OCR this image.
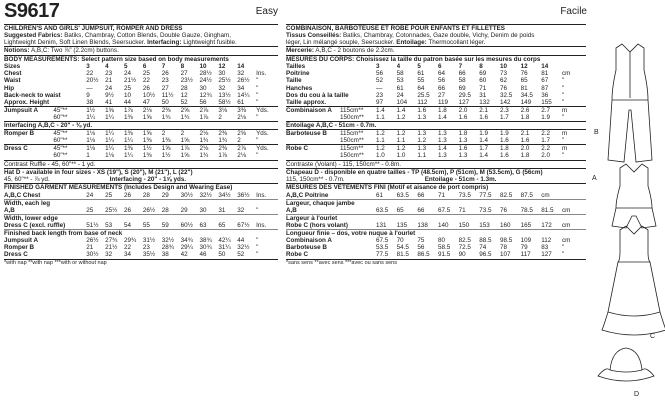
S9617	Easy
CHILDREN'S AND GIRLS' JUMPSUIT, ROMPER AND DRESS
Suggested Fabrics: Batiks, Chambray, Cotton Blends, Double Gauze, Gingham,
Lightweight Denim, Soft Linen Blends, Seersucker. Interfacing: Lightweight fusible.
Notions: A,B,C: Two ⅞" (2.2cm) buttons.
BODY MEASUREMENTS: Select pattern size based on body measurements
Sizes	3	4	5	6	7	8	10	12	14	
Chest	22	23	24	25	26	27	28½	30	32	Ins.
Waist	20½	21	21½	22	23	23½	24½	25½	26½	"
Hip	—	24	25	26	27	28	30	32	34	"
Back-neck to waist	9	9½	10	10½	11½	12	12¾	13½	14¼	"
Approx. Height	38	41	44	47	50	52	56	58½	61	"
Jumpsuit A	45"**	1½	1⅝	1⅞	2⅛	2⅜	2⅝	2⅞	3⅛	3⅜	Yds.
	60"**	1¼	1¼	1⅜	1⅝	1¾	1¾	1⅞	2	2⅛	"
Interfacing A,B,C - 20" - ⅜ yd.											
Romper B	45"**	1⅛	1¼	1⅜	1⅝	2	2	2⅛	2⅜	2⅝	Yds.
	60"**	1⅛	1¼	1¼	1⅜	1⅜	1⅝	1¾	1¾	2	"
Dress C	45"**	1⅛	1¼	1⅜	1½	1⅝	1⅞	2⅛	2⅜	2⅞	Yds.
	60"**	1	1⅛	1¼	1⅜	1½	1⅝	1¾	1⅞	2⅛	"
Contrast Ruffle - 45, 60"** - 1 yd.
Hat D - available in four sizes - XS (19"), S (20"), M (21"), L (22")
45, 60"** - ⅞ yd.	Interfacing - 20" - 1⅝ yds.
FINISHED GARMENT MEASUREMENTS (Includes Design and Wearing Ease)
A,B,C Chest	24	25	26	28	29	30½	32½	34½	36½	Ins.
Width, each leg										
A,B	25	25½	26	26½	28	29	30	31	32	"
Width, lower edge										
Dress C (excl. ruffle)	51½	53	54	55	59	60½	63	65	67½	Ins.
Finished back length from base of neck										
Jumpsuit A	26½	27¾	29¾	31½	32½	34¾	38¾	42¼	44	"
Romper B	21	21½	22	23	28¾	29¼	30¾	31¼	32½	"
Dress C	30½	32	34	35½	38	42	46	50	52	"
*with nap **with nap ***with or without nap
Facile
COMBINAISON, BARBOTEUSE ET ROBE POUR ENFANTS ET FILLETTES
Tissus Conseillés: Batiks, Chambray, Cotonnades, Gaze double, Vichy, Denim de poids
léger, Lin mélangé souple, Seersucker. Entoilage: Thermocollant léger.
Mercerie: A,B,C - 2 boutons de 2.2cm.
MESURES DU CORPS: Choisissez la taille du patron basée sur les mesures du corps
Tailles	3	4	5	6	7	8	10	12	14	
Poitrine	56	58	61	64	66	69	73	76	81	cm
Taille	52	53	55	56	58	60	62	65	67	"
Hanches	—	61	64	66	69	71	76	81	87	"
Dos du cou à la taille	23	24	25.5	27	29.5	31	32.5	34.5	36	"
Taille approx.	97	104	112	119	127	132	142	149	155	"
Combinaison A	115cm**	1.4	1.4	1.6	1.8	2.0	2.1	2.3	2.6	2.7	m
	150cm**	1.1	1.2	1.3	1.4	1.6	1.6	1.7	1.8	1.9	"
Entoilage A,B,C - 51cm - 0.7m.											
Barboteuse B	115cm**	1.2	1.2	1.3	1.3	1.8	1.9	1.9	2.1	2.2	m
	150cm**	1.1	1.1	1.2	1.3	1.3	1.4	1.6	1.6	1.7	"
Robe C	115cm**	1.2	1.2	1.3	1.4	1.6	1.7	1.8	2.0	2.2	m
	150cm**	1.0	1.0	1.1	1.3	1.3	1.4	1.6	1.8	2.0	"
Contraste (Volant) - 115, 150cm** - 0.8m.
Chapeau D - disponible en quatre tailles - TP (48.5cm), P (51cm), M (53.5cm), G (56cm)
115, 150cm** - 0.7m.	Entoilage - 51cm - 1.3m.
MESURES DES VÊTEMENTS FINI (Motif et aisance de port compris)
A,B,C Poitrine	61	63.5	66	71	73.5	77.5	82.5	87.5	cm	
Largeur, chaque jambe										
A,B	63.5	65	66	67.5	71	73.5	76	78.5	81.5	cm
Largeur à l'ourlet										
Robe C (hors volant)	131	135	138	140	150	153	160	165	172	cm
Longueur finie – dos, votre nuque à l'ourlet										
Combinaison A	67.5	70	75	80	82.5	88.5	98.5	109	112	cm
Barboteuse B	53.5	54.5	56	58.5	72.5	74	78	79	83	"
Robe C	77.5	81.5	86.5	91.5	90	96.5	107	117	127	"
*sans sens **avec sens ***avec ou sans sens
B
A
C
D
